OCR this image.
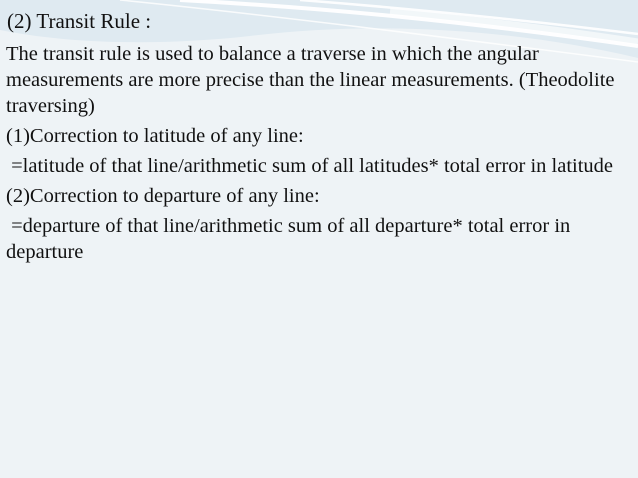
(2) Transit Rule :

The transit rule is used to balance a traverse in which the angular measurements are more precise than the linear measurements. (Theodolite traversing)

(1)Correction to latitude of any line:

=latitude of that line/arithmetic sum of all latitudes* total error in latitude

(2)Correction to departure of any line:

=departure of that line/arithmetic sum of all departure* total error in departure
